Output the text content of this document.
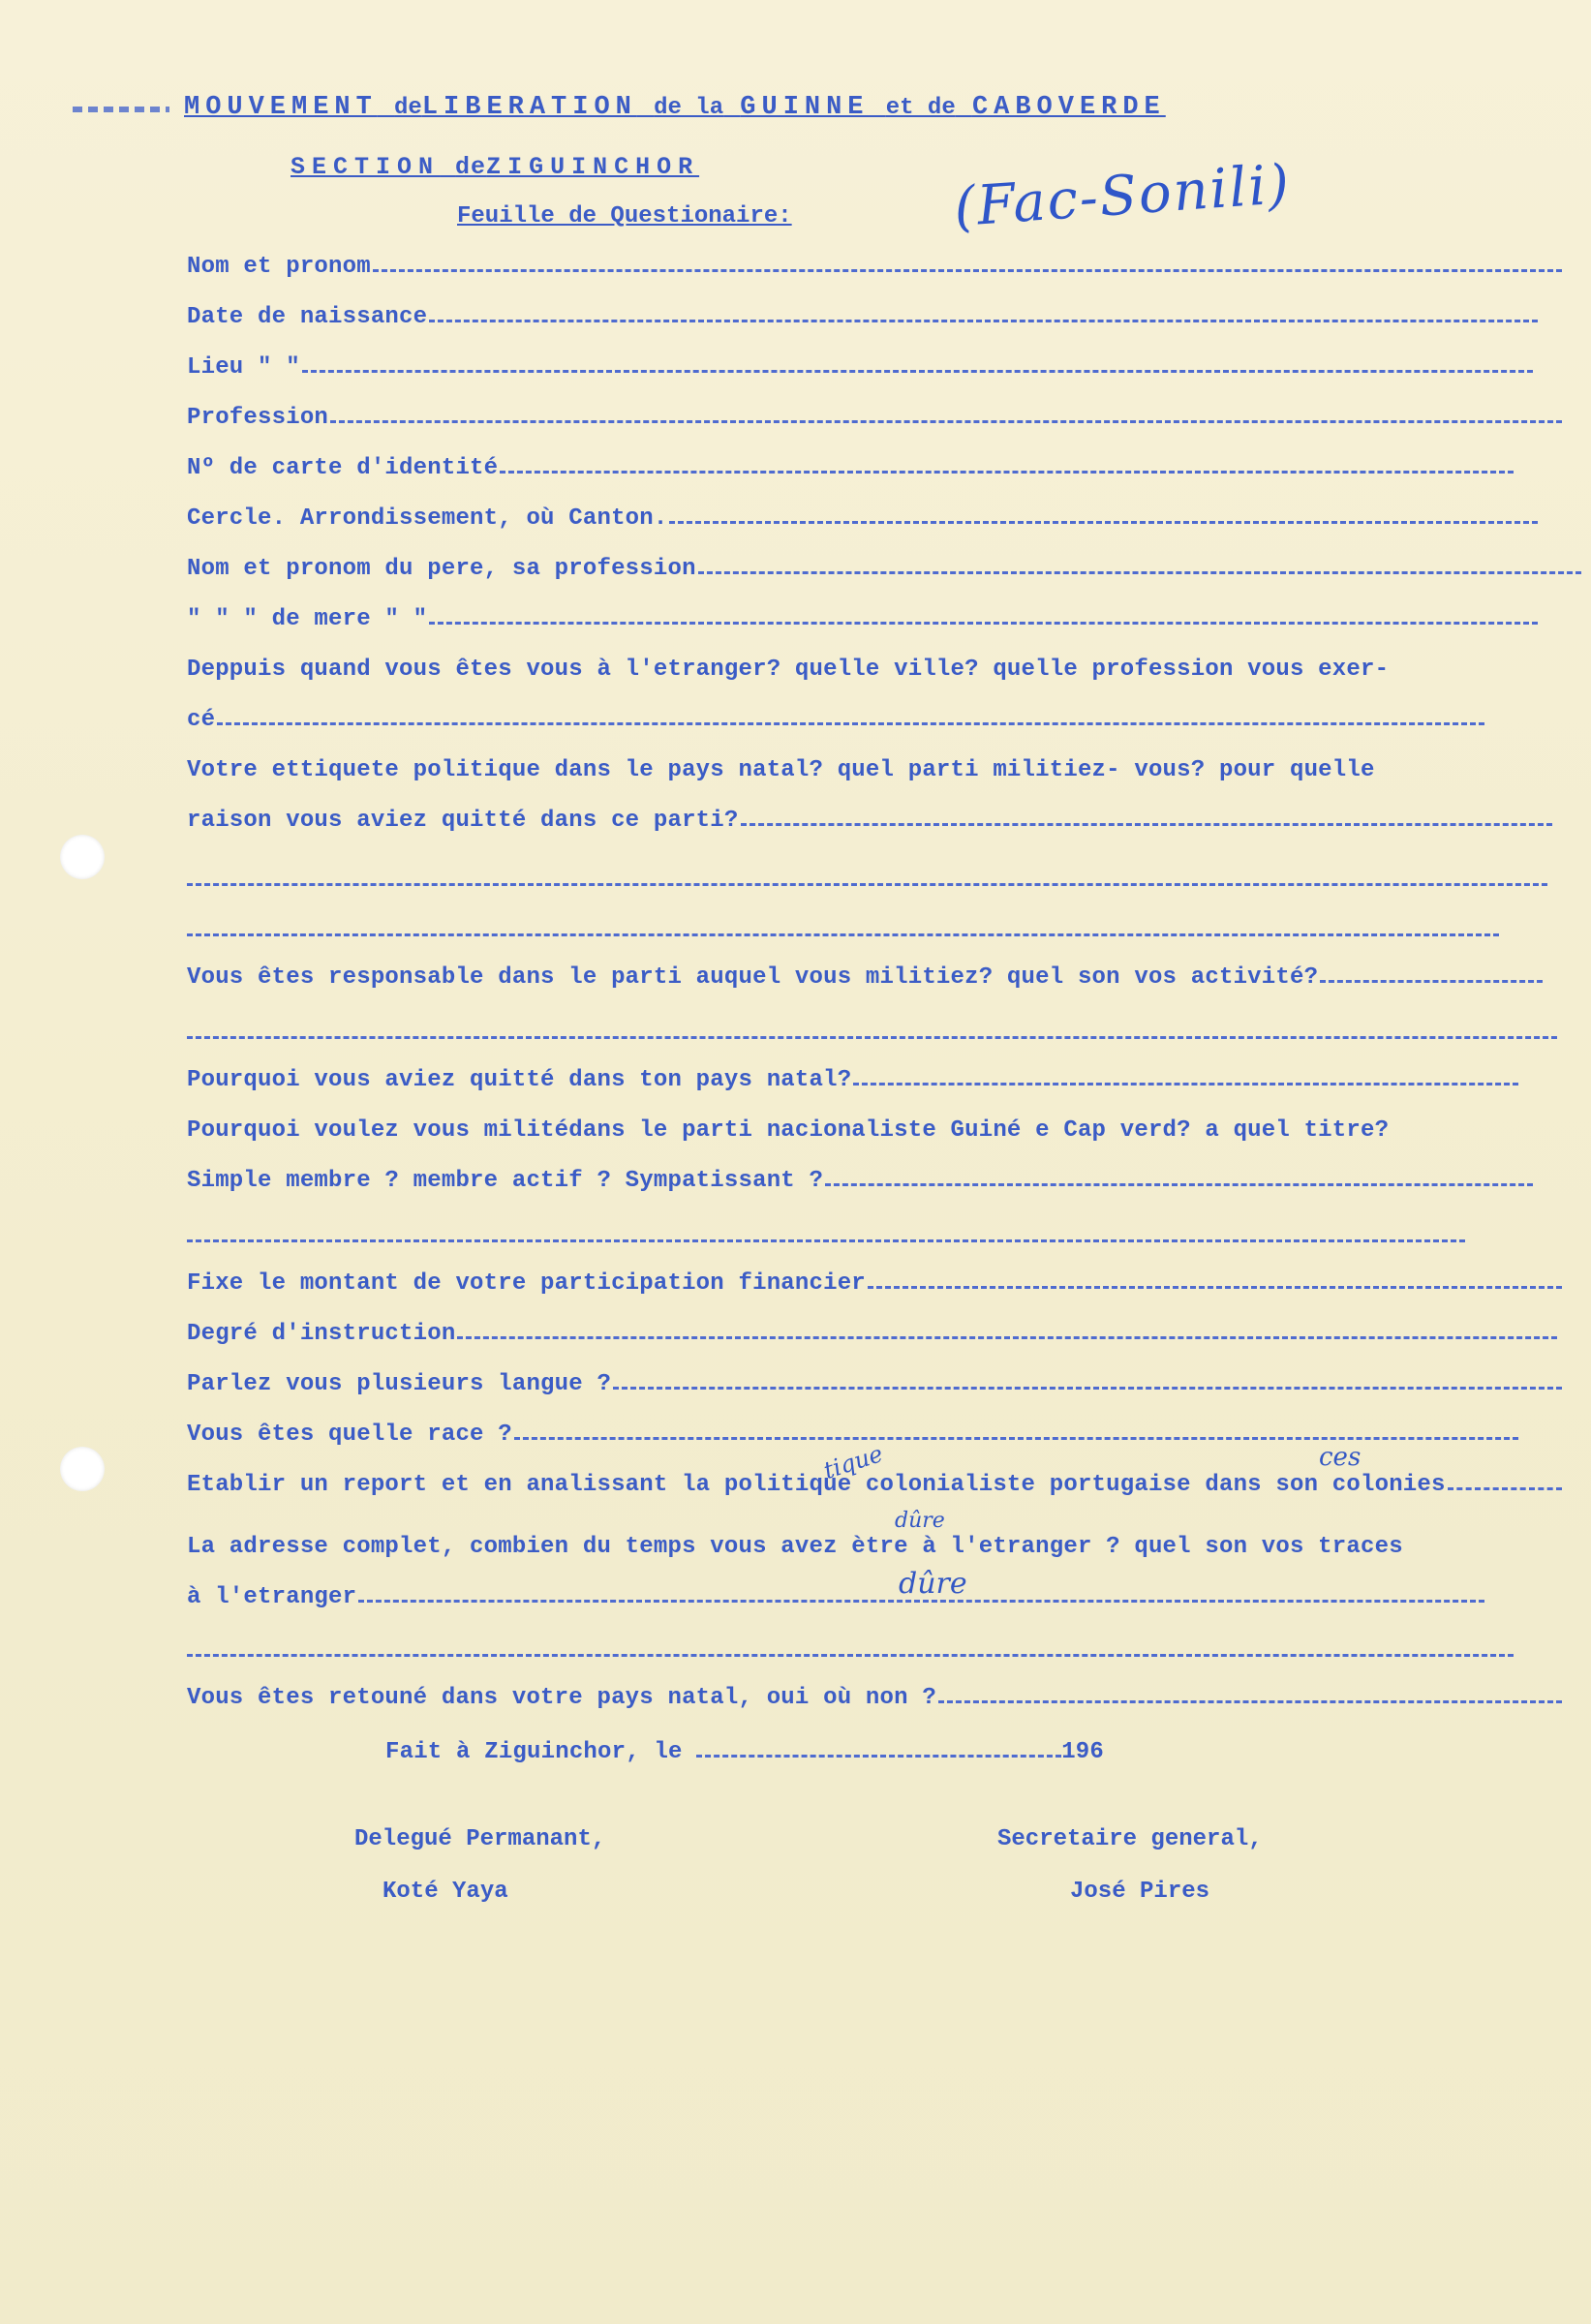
MOUVEMENT deLIBERATION de la GUINNE et de CABOVERDE
SECTION deZIGUINCHOR
Feuille de Questionaire:	(Fac-Sonili)
Nom et pronom
Date de naissance
Lieu " "
Profession
Nº de carte d'identité
Cercle. Arrondissement, où Canton.
Nom et pronom du pere, sa profession
" " " de mere " "
Deppuis quand vous êtes vous à l'etranger? quelle ville? quelle profession vous exer-
cé
Votre ettiquete politique dans le pays natal? quel parti militiez- vous? pour quelle
raison vous aviez quitté dans ce parti?
Vous êtes responsable dans le parti auquel vous militiez? quel son vos activité?
Pourquoi vous aviez quitté dans ton pays natal?
Pourquoi voulez vous militédans le parti nacionaliste Guiné e Cap verd? a quel titre?
Simple membre ? membre actif ? Sympatissant ?
Fixe le montant de votre participation financier
Degré d'instruction
Parlez vous plusieurs langue ?
Vous êtes quelle race ?
Etablir un report et en analissant la politique colonialiste portugaise dans son colonies
La adresse complet, combien du temps vous avez ètre à l'etranger ? quel son vos traces
à l'etranger
Vous êtes retouné dans votre pays natal, oui où non ?
tique	ces
dûre
dûre
Fait à Ziguinchor, le	196
Delegué Permanant,
Koté Yaya
Secretaire general,
José Pires
